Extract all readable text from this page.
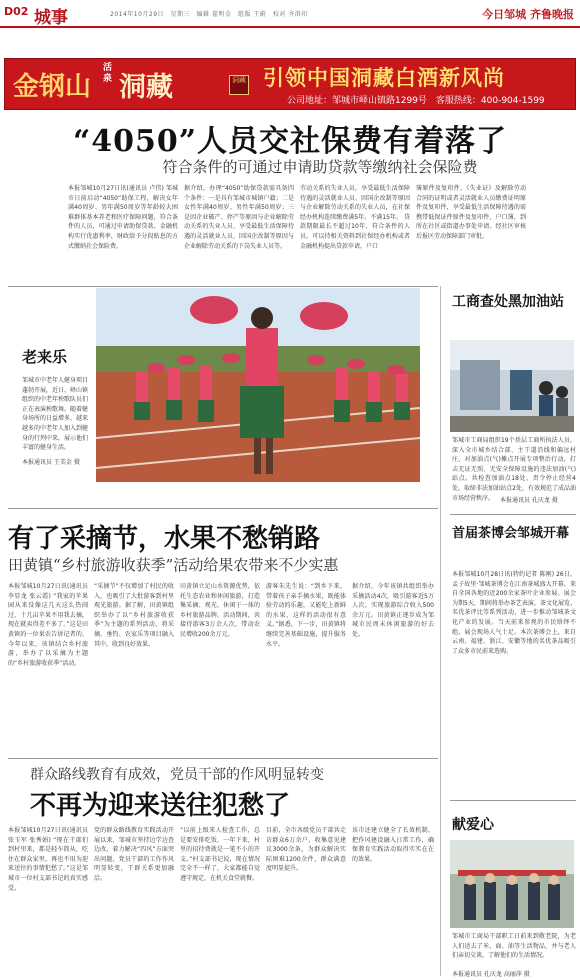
D02 城事	2014年10月29日　星期三　编辑 翟明金　组版 王蔚　校对 齐洪印	今日邹城 齐鲁晚报
金钢山
活泉 洞藏	洞藏 引领中国洞藏白酒新风尚
公司地址：邹城市峄山镇路1299号　客服热线：400-904-1599
“4050”人员交社保费有着落了
符合条件的可通过申请助贷款等缴纳社会保险费
本报邹城10月27日讯(通讯员 卢伟) 邹城市日前启动“4050”助保工程，解决女年满40周岁、男年满50周岁等年龄较大困难群体基本养老和医疗保障问题，符合条件的人员，可通过申请助保贷款、金融机构实行优惠利率，财政给予分段贴息的方式缴纳社会保险费。
据介绍，办理“4050”助保贷款需具备四个条件：一是具有邹城市城镇户籍；二是女性年满40周岁、男性年满50周岁；三是因企业破产、停产等原因与企业解除劳动关系的失业人员、享受最低生活保障待遇的灵活就业人员、因国企改制等原因与企业解除劳动关系的下岗失业人员等。
劳动关系的失业人员，享受最低生活保障待遇的灵活就业人员、因国企改制等原因与企业解除劳动关系的失业人员，在社保经办机构连续缴费满5年、不满15年。 贷款期限最长不超过10年，符合条件的人员，可以持相关资料到社保经办机构或者金融机构提出贷款申请，户口
簿原件及复印件、《失业证》及解除劳动合同的证明或者灵活就业人员缴费证明原件及复印件，享受最低生活保障待遇的需携带低保证件原件及复印件、户口簿，到所在社区或街道办事处申请。经社区审核后报区劳动保障部门审批。
老来乐
邹城市中老年人健身项目蓬勃开展，近日，峄山镇组织的中老年秧歌队员们正在表演秧歌舞。随着健身场所的日益增多，越来越多的中老年人加入到健身的行列中来，展示他们丰富的健身生活。
本报通讯员 王美金 摄
工商查处黑加油站
邹城市工商局组织19个基层工商所执法人员，深入全市城乡结合部、主干道沿线和偏远村庄，对加油点(气)摊点开展专项整治行动，打击无证无照、无安全保障设施的违法加油(气)站点。共检查加油点18处，责令停止经营4处，取缔非法加油站点2处，有效规范了成品油市场经营秩序。 本报通讯员 孔庆龙 摄
首届茶博会邹城开幕
本报邹城10月28日讯(特约记者 陈刚) 26日，孟子故里·邹城茶博会在江南茶城盛大开幕，来自全国各地的近200余家茶叶企业参展。展会为期5天，期间将举办茶艺表演、茶文化展览、名优茶评比等系列活动，进一步推动邹城茶文化产业的发展。当天前来参观的市民络绎不绝，展会现场人气十足。本次茶博会上，来自云南、福建、浙江、安徽等地的名优茶品吸引了众多市民前来选购。
献爱心
邹城市工商局干部职工日前来到敬老院，为老人们送去了米、面、油等生活物品，并与老人们亲切交谈，了解他们的生活情况。
本报通讯员 孔庆龙 高丽萍 摄
有了采摘节，水果不愁销路
田黄镇“乡村旅游收获季”活动给果农带来不少实惠
本报邹城10月27日讯(通讯员 李显龙 张云霞) “我家的苹果园从来没像这几天这么热闹过，十几亩苹果不用我去摘，现在就卖得差不多了。”这是田黄镇的一位果农告诉记者的。今年以来，该镇结合乡村旅游，举办了以采摘为主题的“乡村旅游收获季”活动。
“采摘节”不仅增加了村民的收入，也吸引了大批游客到村里观光旅游。据了解，田黄镇组织举办了以“乡村旅游收获季”为主题的系列活动，将采摘、垂钓、农家乐等项目融入其中，收到良好效果。
田黄镇立足山水资源优势，依托生态农业和休闲旅游，打造集采摘、观光、休闲于一体的乡村旅游品牌。活动期间，共接待游客3万余人次，带动农民增收200余万元。
游客朱先生说：“到乡下来，带着孩子亲手摘水果，既能体验劳动的乐趣，又能吃上新鲜的水果，这样的活动很有意义。”据悉，下一步，田黄镇将继续完善基础设施，提升服务水平。
据介绍，今年该镇共组织举办采摘活动4次，吸引游客近5万人次，实现旅游综合收入500余万元。田黄镇正逐步成为邹城市民周末休闲旅游的好去处。
群众路线教育有成效，党员干部的作风明显转变
不再为迎来送往犯愁了
本报邹城10月27日讯(通讯员 张玉军 张秀娟) “现在干部们到村里来，都是轻车简从，吃住在群众家里，再也不用为迎来送往的事情犯愁了。”这是邹城市一位村支部书记的真实感受。
党的群众路线教育实践活动开展以来，邹城市坚持边学边查边改，着力解决“四风”方面突出问题，党员干部的工作作风明显转变，干群关系更加融洽。
“以前上级来人检查工作，总是要安排吃饭，一年下来，村里的招待费就是一笔不小的开支。”村支部书记说，现在情况完全不一样了，大家都能自觉遵守规定，在机关食堂就餐。
目前，全市各级党员干部共走访群众6万余户，收集意见建议3000余条，为群众解决实际困难1200余件，群众满意度明显提升。
该市还建立健全了长效机制，把作风建设融入日常工作，确保教育实践活动取得实实在在的效果。
